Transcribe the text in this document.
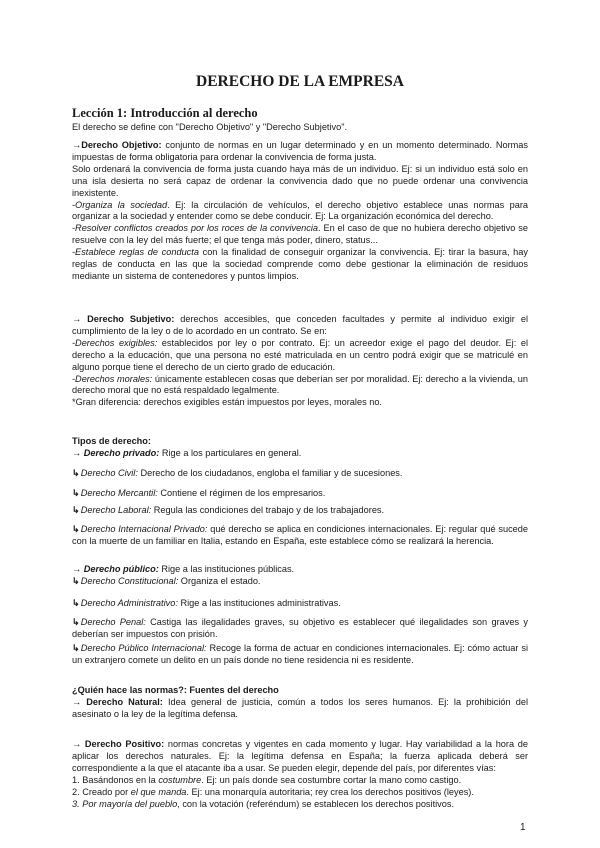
DERECHO DE LA EMPRESA
Lección 1: Introducción al derecho

El derecho se define con "Derecho Objetivo" y "Derecho Subjetivo".

→Derecho Objetivo: conjunto de normas en un lugar determinado y en un momento determinado. Normas impuestas de forma obligatoria para ordenar la convivencia de forma justa.

Solo ordenará la convivencia de forma justa cuando haya más de un individuo. Ej: si un individuo está solo en una isla desierta no será capaz de ordenar la convivencia dado que no puede ordenar una convivencia inexistente.

-Organiza la sociedad. Ej: la circulación de vehículos, el derecho objetivo establece unas normas para organizar a la sociedad y entender como se debe conducir. Ej: La organización económica del derecho.

-Resolver conflictos creados por los roces de la convivencia. En el caso de que no hubiera derecho objetivo se resuelve con la ley del más fuerte; el que tenga más poder, dinero, status...

-Establece reglas de conducta con la finalidad de conseguir organizar la convivencia. Ej: tirar la basura, hay reglas de conducta en las que la sociedad comprende como debe gestionar la eliminación de residuos mediante un sistema de contenedores y puntos limpios.

→ Derecho Subjetivo: derechos accesibles, que conceden facultades y permite al individuo exigir el cumplimiento de la ley o de lo acordado en un contrato. Se en:

-Derechos exigibles: establecidos por ley o por contrato. Ej: un acreedor exige el pago del deudor. Ej: el derecho a la educación, que una persona no esté matriculada en un centro podrá exigir que se matriculé en alguno porque tiene el derecho de un cierto grado de educación.

-Derechos morales: únicamente establecen cosas que deberían ser por moralidad. Ej: derecho a la vivienda, un derecho moral que no está respaldado legalmente.

*Gran diferencia: derechos exigibles están impuestos por leyes, morales no.

Tipos de derecho:

→ Derecho privado: Rige a los particulares en general.

↳Derecho Civil: Derecho de los ciudadanos, engloba el familiar y de sucesiones.

↳Derecho Mercantil: Contiene el régimen de los empresarios.

↳Derecho Laboral: Regula las condiciones del trabajo y de los trabajadores.

↳Derecho Internacional Privado: qué derecho se aplica en condiciones internacionales. Ej: regular qué sucede con la muerte de un familiar en Italia, estando en España, este establece cómo se realizará la herencia.

→ Derecho público: Rige a las instituciones públicas.

↳Derecho Constitucional: Organiza el estado.

↳Derecho Administrativo: Rige a las instituciones administrativas.

↳Derecho Penal: Castiga las ilegalidades graves, su objetivo es establecer qué ilegalidades son graves y deberían ser impuestos con prisión.

↳Derecho Público Internacional: Recoge la forma de actuar en condiciones internacionales. Ej: cómo actuar si un extranjero comete un delito en un país donde no tiene residencia ni es residente.

¿Quién hace las normas?: Fuentes del derecho

→ Derecho Natural: Idea general de justicia, común a todos los seres humanos. Ej: la prohibición del asesinato o la ley de la legítima defensa.

→ Derecho Positivo: normas concretas y vigentes en cada momento y lugar. Hay variabilidad a la hora de aplicar los derechos naturales. Ej: la legítima defensa en España; la fuerza aplicada deberá ser correspondiente a la que el atacante iba a usar. Se pueden elegir, depende del país, por diferentes vías:

1. Basándonos en la costumbre. Ej: un país donde sea costumbre cortar la mano como castigo.

2. Creado por el que manda. Ej: una monarquía autoritaria; rey crea los derechos positivos (leyes).

3. Por mayoría del pueblo, con la votación (referéndum) se establecen los derechos positivos.

1
